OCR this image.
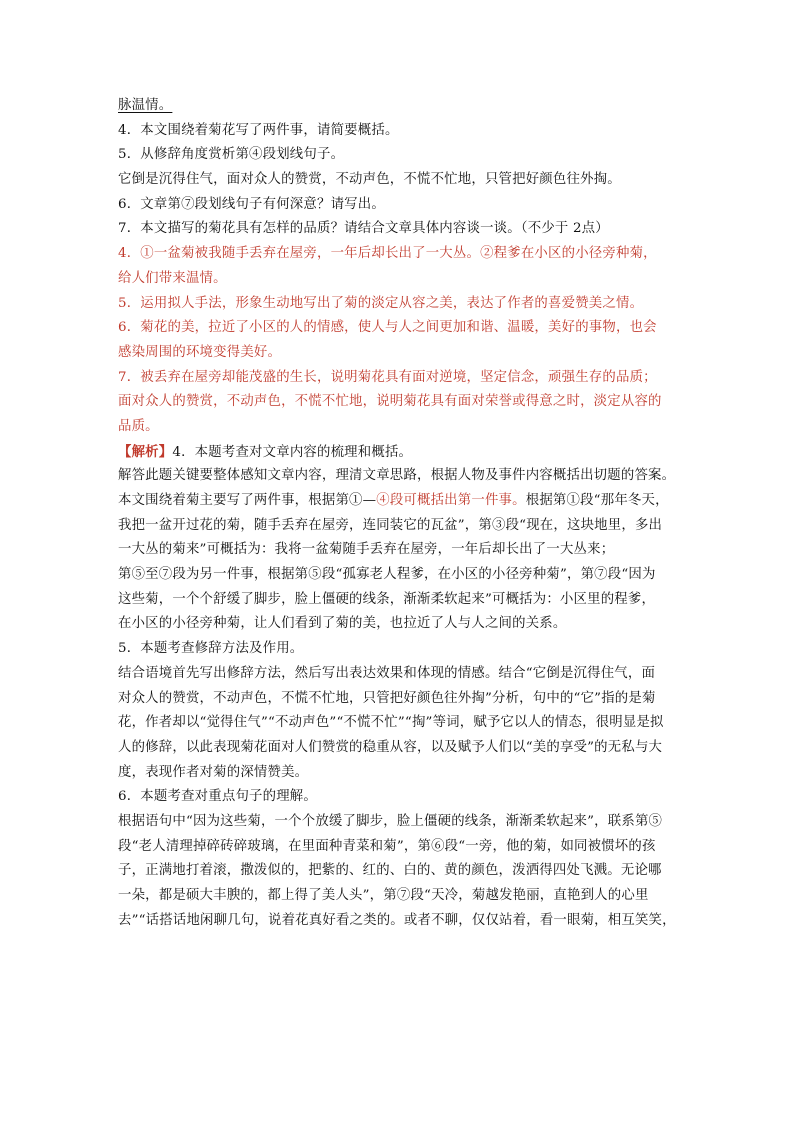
脉温情。
4．本文围绕着菊花写了两件事，请简要概括。
5．从修辞角度赏析第④段划线句子。
它倒是沉得住气，面对众人的赞赏，不动声色，不慌不忙地，只管把好颜色往外掏。
6．文章第⑦段划线句子有何深意？请写出。
7．本文描写的菊花具有怎样的品质？请结合文章具体内容谈一谈。（不少于 2点）
4．①一盆菊被我随手丢弃在屋旁，一年后却长出了一大丛。②程爹在小区的小径旁种菊，
给人们带来温情。
5．运用拟人手法，形象生动地写出了菊的淡定从容之美，表达了作者的喜爱赞美之情。
6．菊花的美，拉近了小区的人的情感，使人与人之间更加和谐、温暖，美好的事物，也会
感染周围的环境变得美好。
7．被丢弃在屋旁却能茂盛的生长，说明菊花具有面对逆境，坚定信念，顽强生存的品质；
面对众人的赞赏，不动声色，不慌不忙地，说明菊花具有面对荣誉或得意之时，淡定从容的
品质。
【解析】4．本题考查对文章内容的梳理和概括。
解答此题关键要整体感知文章内容，理清文章思路，根据人物及事件内容概括出切题的答案。
本文围绕着菊主要写了两件事，根据第①—④段可概括出第一件事。根据第①段“那年冬天，
我把一盆开过花的菊，随手丢弃在屋旁，连同装它的瓦盆”，第③段“现在，这块地里，多出
一大丛的菊来”可概括为：我将一盆菊随手丢弃在屋旁，一年后却长出了一大丛来；
第⑤至⑦段为另一件事，根据第⑤段“孤寡老人程爹，在小区的小径旁种菊”，第⑦段“因为
这些菊，一个个舒缓了脚步，脸上僵硬的线条，渐渐柔软起来”可概括为：小区里的程爹，
在小区的小径旁种菊，让人们看到了菊的美，也拉近了人与人之间的关系。
5．本题考查修辞方法及作用。
结合语境首先写出修辞方法，然后写出表达效果和体现的情感。结合“它倒是沉得住气，面
对众人的赞赏，不动声色，不慌不忙地，只管把好颜色往外掏”分析，句中的“它”指的是菊
花，作者却以“觉得住气”“不动声色”“不慌不忙”“掏”等词，赋予它以人的情态，很明显是拟
人的修辞，以此表现菊花面对人们赞赏的稳重从容，以及赋予人们以“美的享受”的无私与大
度，表现作者对菊的深情赞美。
6．本题考查对重点句子的理解。
根据语句中“因为这些菊，一个个放缓了脚步，脸上僵硬的线条，渐渐柔软起来”，联系第⑤
段“老人清理掉碎砖碎玻璃，在里面种青菜和菊”，第⑥段“一旁，他的菊，如同被惯坏的孩
子，正满地打着滚，撒泼似的，把紫的、红的、白的、黄的颜色，泼洒得四处飞溅。无论哪
一朵，都是硕大丰腴的，都上得了美人头”，第⑦段“天冷，菊越发艳丽，直艳到人的心里
去”“话搭话地闲聊几句，说着花真好看之类的。或者不聊，仅仅站着，看一眼菊，相互笑笑，
